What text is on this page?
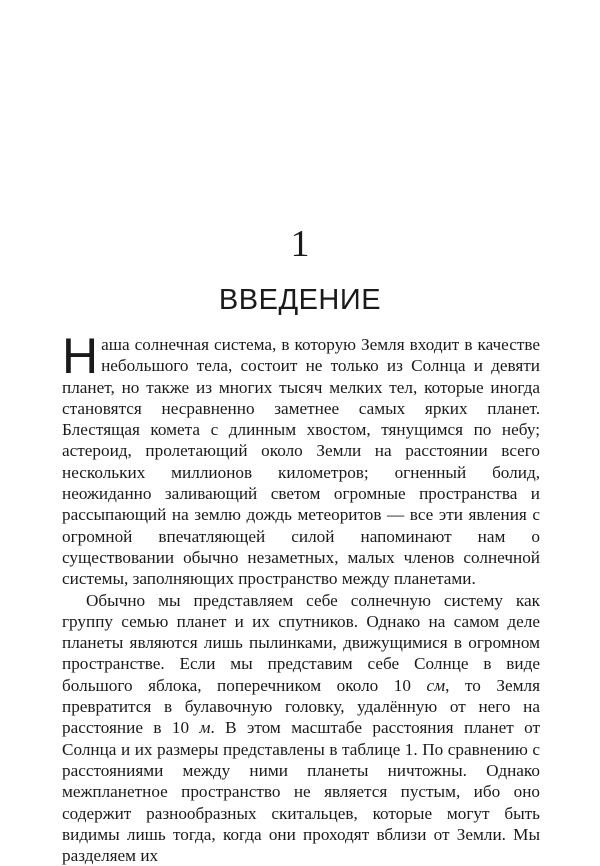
1
ВВЕДЕНИЕ

Наша солнечная система, в которую Земля входит в качестве небольшого тела, состоит не только из Солнца и девяти планет, но также из многих тысяч мелких тел, которые иногда становятся несравненно заметнее самых ярких планет. Блестящая комета с длинным хвостом, тянущимся по небу; астероид, пролетающий около Земли на расстоянии всего нескольких миллионов километров; огненный болид, неожиданно заливающий светом огромные пространства и рассыпающий на землю дождь метеоритов — все эти явления с огромной впечатляющей силой напоминают нам о существовании обычно незаметных, малых членов солнечной системы, заполняющих пространство между планетами.

Обычно мы представляем себе солнечную систему как группу семью планет и их спутников. Однако на самом деле планеты являются лишь пылинками, движущимися в огромном пространстве. Если мы представим себе Солнце в виде большого яблока, поперечником около 10 см, то Земля превратится в булавочную головку, удалённую от него на расстояние в 10 м. В этом масштабе расстояния планет от Солнца и их размеры представлены в таблице 1. По сравнению с расстояниями между ними планеты ничтожны. Однако межпланетное пространство не является пустым, ибо оно содержит разнообразных скитальцев, которые могут быть видимы лишь тогда, когда они проходят вблизи от Земли. Мы разделяем их
